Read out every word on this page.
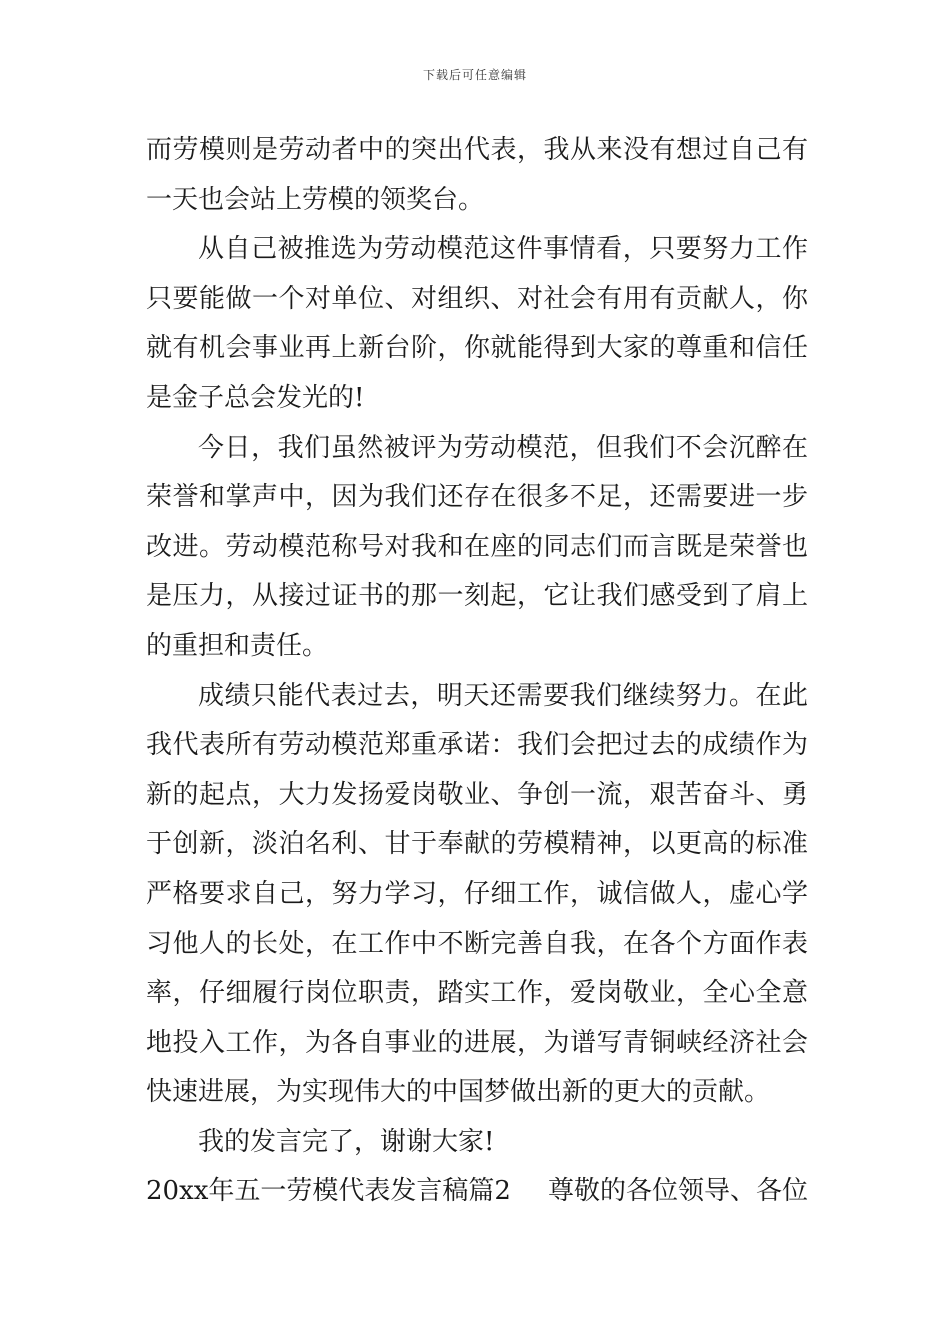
下载后可任意编辑
而劳模则是劳动者中的突出代表，我从来没有想过自己有
一天也会站上劳模的领奖台。
从自己被推选为劳动模范这件事情看，只要努力工作
只要能做一个对单位、对组织、对社会有用有贡献人，你
就有机会事业再上新台阶，你就能得到大家的尊重和信任
是金子总会发光的!
今日，我们虽然被评为劳动模范，但我们不会沉醉在
荣誉和掌声中，因为我们还存在很多不足，还需要进一步
改进。劳动模范称号对我和在座的同志们而言既是荣誉也
是压力，从接过证书的那一刻起，它让我们感受到了肩上
的重担和责任。
成绩只能代表过去，明天还需要我们继续努力。在此
我代表所有劳动模范郑重承诺：我们会把过去的成绩作为
新的起点，大力发扬爱岗敬业、争创一流，艰苦奋斗、勇
于创新，淡泊名利、甘于奉献的劳模精神，以更高的标准
严格要求自己，努力学习，仔细工作，诚信做人，虚心学
习他人的长处，在工作中不断完善自我，在各个方面作表
率，仔细履行岗位职责，踏实工作，爱岗敬业，全心全意
地投入工作，为各自事业的进展，为谱写青铜峡经济社会
快速进展，为实现伟大的中国梦做出新的更大的贡献。
我的发言完了，谢谢大家!
20xx年五一劳模代表发言稿篇2 尊敬的各位领导、各位
